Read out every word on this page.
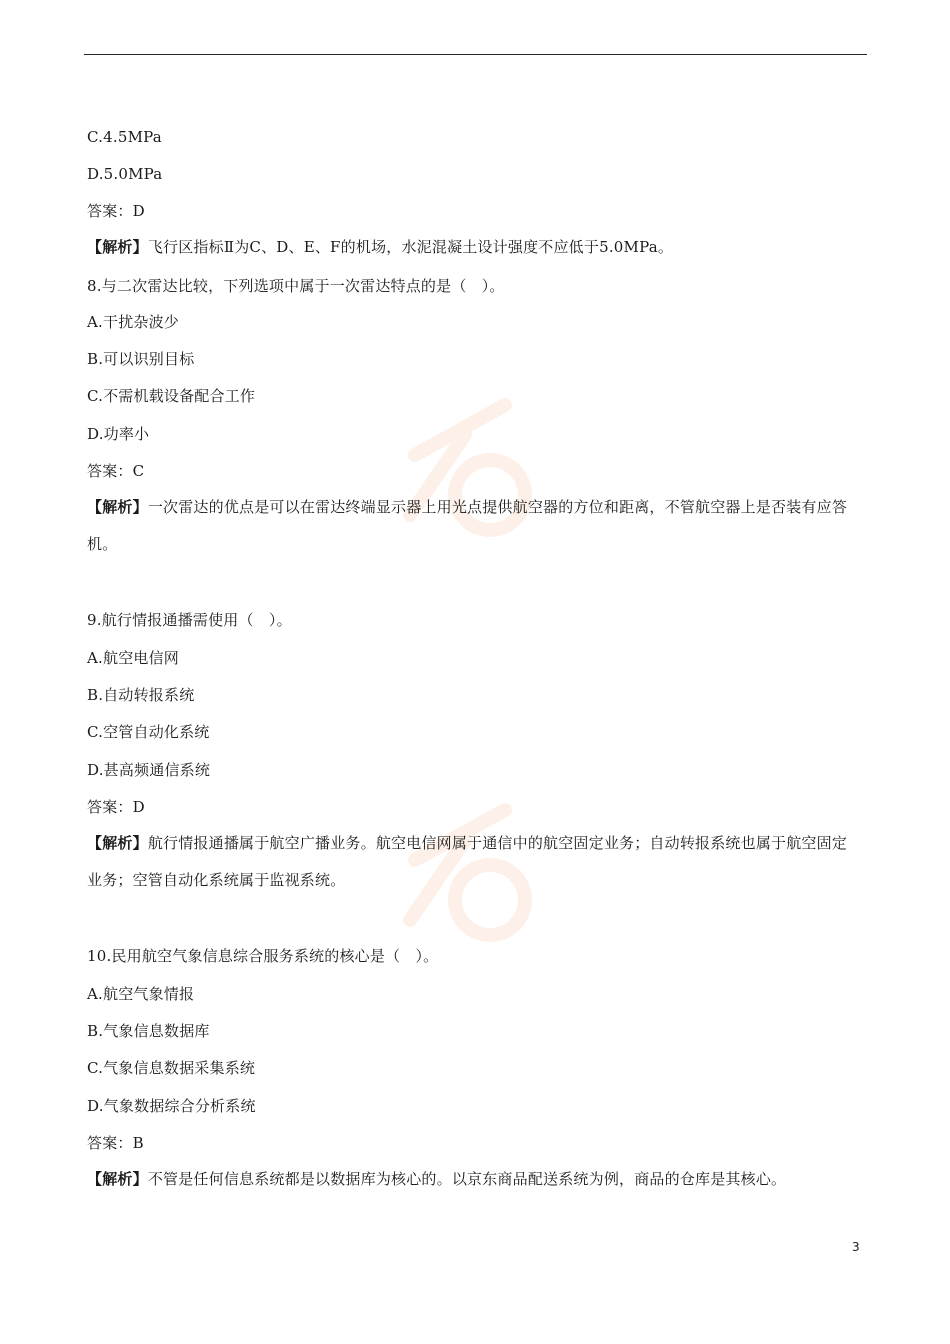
C.4.5MPa
D.5.0MPa
答案：D
【解析】飞行区指标Ⅱ为C、D、E、F的机场，水泥混凝土设计强度不应低于5.0MPa。
8.与二次雷达比较，下列选项中属于一次雷达特点的是（　）。
A.干扰杂波少
B.可以识别目标
C.不需机载设备配合工作
D.功率小
答案：C
【解析】一次雷达的优点是可以在雷达终端显示器上用光点提供航空器的方位和距离，不管航空器上是否装有应答机。
9.航行情报通播需使用（　）。
A.航空电信网
B.自动转报系统
C.空管自动化系统
D.甚高频通信系统
答案：D
【解析】航行情报通播属于航空广播业务。航空电信网属于通信中的航空固定业务；自动转报系统也属于航空固定业务；空管自动化系统属于监视系统。
10.民用航空气象信息综合服务系统的核心是（　）。
A.航空气象情报
B.气象信息数据库
C.气象信息数据采集系统
D.气象数据综合分析系统
答案：B
【解析】不管是任何信息系统都是以数据库为核心的。以京东商品配送系统为例，商品的仓库是其核心。
3
